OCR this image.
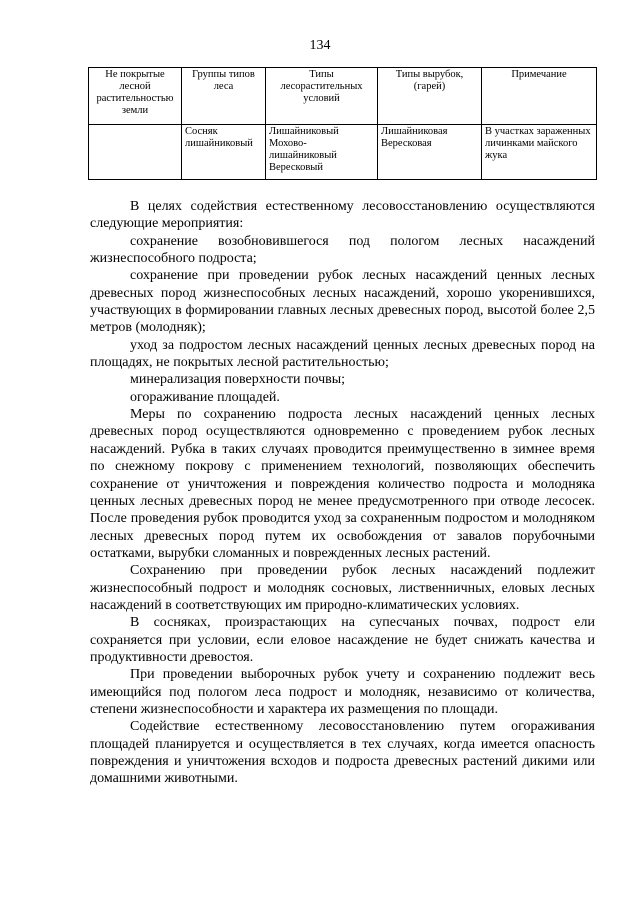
134
Не покрытые лесной растительностью земли	Группы типов леса	Типы лесорастительных условий	Типы вырубок, (гарей)	Примечание
	Сосняк лишайниковый	Лишайниковый Мохово-лишайниковый Вересковый	Лишайниковая Вересковая	В участках зараженных личинками майского жука

В целях содействия естественному лесовосстановлению осуществляются следующие мероприятия:

сохранение возобновившегося под пологом лесных насаждений жизнеспособного подроста;

сохранение при проведении рубок лесных насаждений ценных лесных древесных пород жизнеспособных лесных насаждений, хорошо укоренившихся, участвующих в формировании главных лесных древесных пород, высотой более 2,5 метров (молодняк);

уход за подростом лесных насаждений ценных лесных древесных пород на площадях, не покрытых лесной растительностью;

минерализация поверхности почвы;

огораживание площадей.

Меры по сохранению подроста лесных насаждений ценных лесных древесных пород осуществляются одновременно с проведением рубок лесных насаждений. Рубка в таких случаях проводится преимущественно в зимнее время по снежному покрову с применением технологий, позволяющих обеспечить сохранение от уничтожения и повреждения количество подроста и молодняка ценных лесных древесных пород не менее предусмотренного при отводе лесосек. После проведения рубок проводится уход за сохраненным подростом и молодняком лесных древесных пород путем их освобождения от завалов порубочными остатками, вырубки сломанных и поврежденных лесных растений.

Сохранению при проведении рубок лесных насаждений подлежит жизнеспособный подрост и молодняк сосновых, лиственничных, еловых лесных насаждений в соответствующих им природно-климатических условиях.

В сосняках, произрастающих на супесчаных почвах, подрост ели сохраняется при условии, если еловое насаждение не будет снижать качества и продуктивности древостоя.

При проведении выборочных рубок учету и сохранению подлежит весь имеющийся под пологом леса подрост и молодняк, независимо от количества, степени жизнеспособности и характера их размещения по площади.

Содействие естественному лесовосстановлению путем огораживания площадей планируется и осуществляется в тех случаях, когда имеется опасность повреждения и уничтожения всходов и подроста древесных растений дикими или домашними животными.
